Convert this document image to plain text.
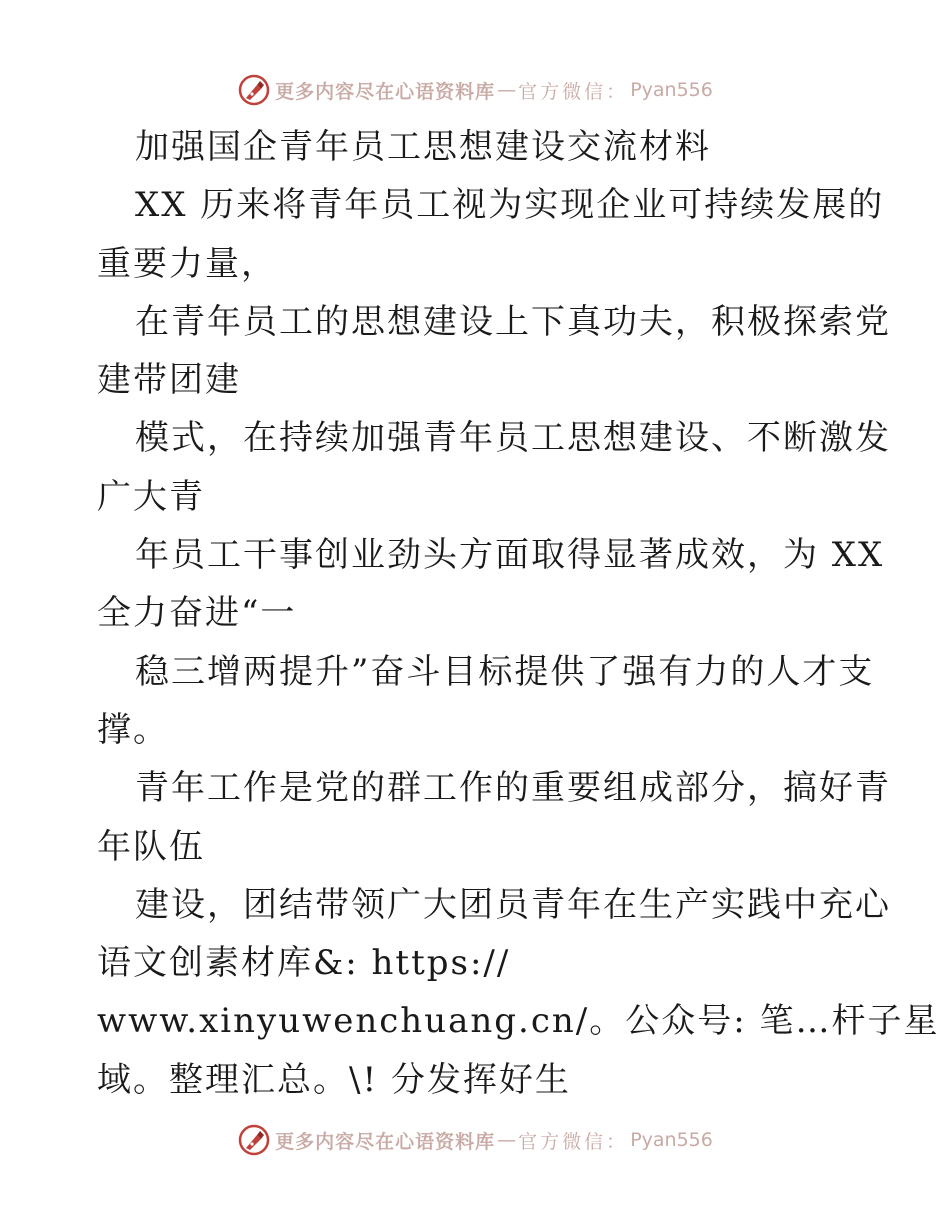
更多内容尽在心语资料库 — 官方微信： Pyan556
加强国企青年员工思想建设交流材料
XX 历来将青年员工视为实现企业可持续发展的
重要力量，
在青年员工的思想建设上下真功夫，积极探索党
建带团建
模式，在持续加强青年员工思想建设、不断激发
广大青
年员工干事创业劲头方面取得显著成效，为 XX
全力奋进“一
稳三增两提升”奋斗目标提供了强有力的人才支
撑。
青年工作是党的群工作的重要组成部分，搞好青
年队伍
建设，团结带领广大团员青年在生产实践中充心
语文创素材库&: https://
www.xinyuwenchuang.cn/。公众号: 笔…杆子星
域。整理汇总。\! 分发挥好生
更多内容尽在心语资料库 — 官方微信： Pyan556
